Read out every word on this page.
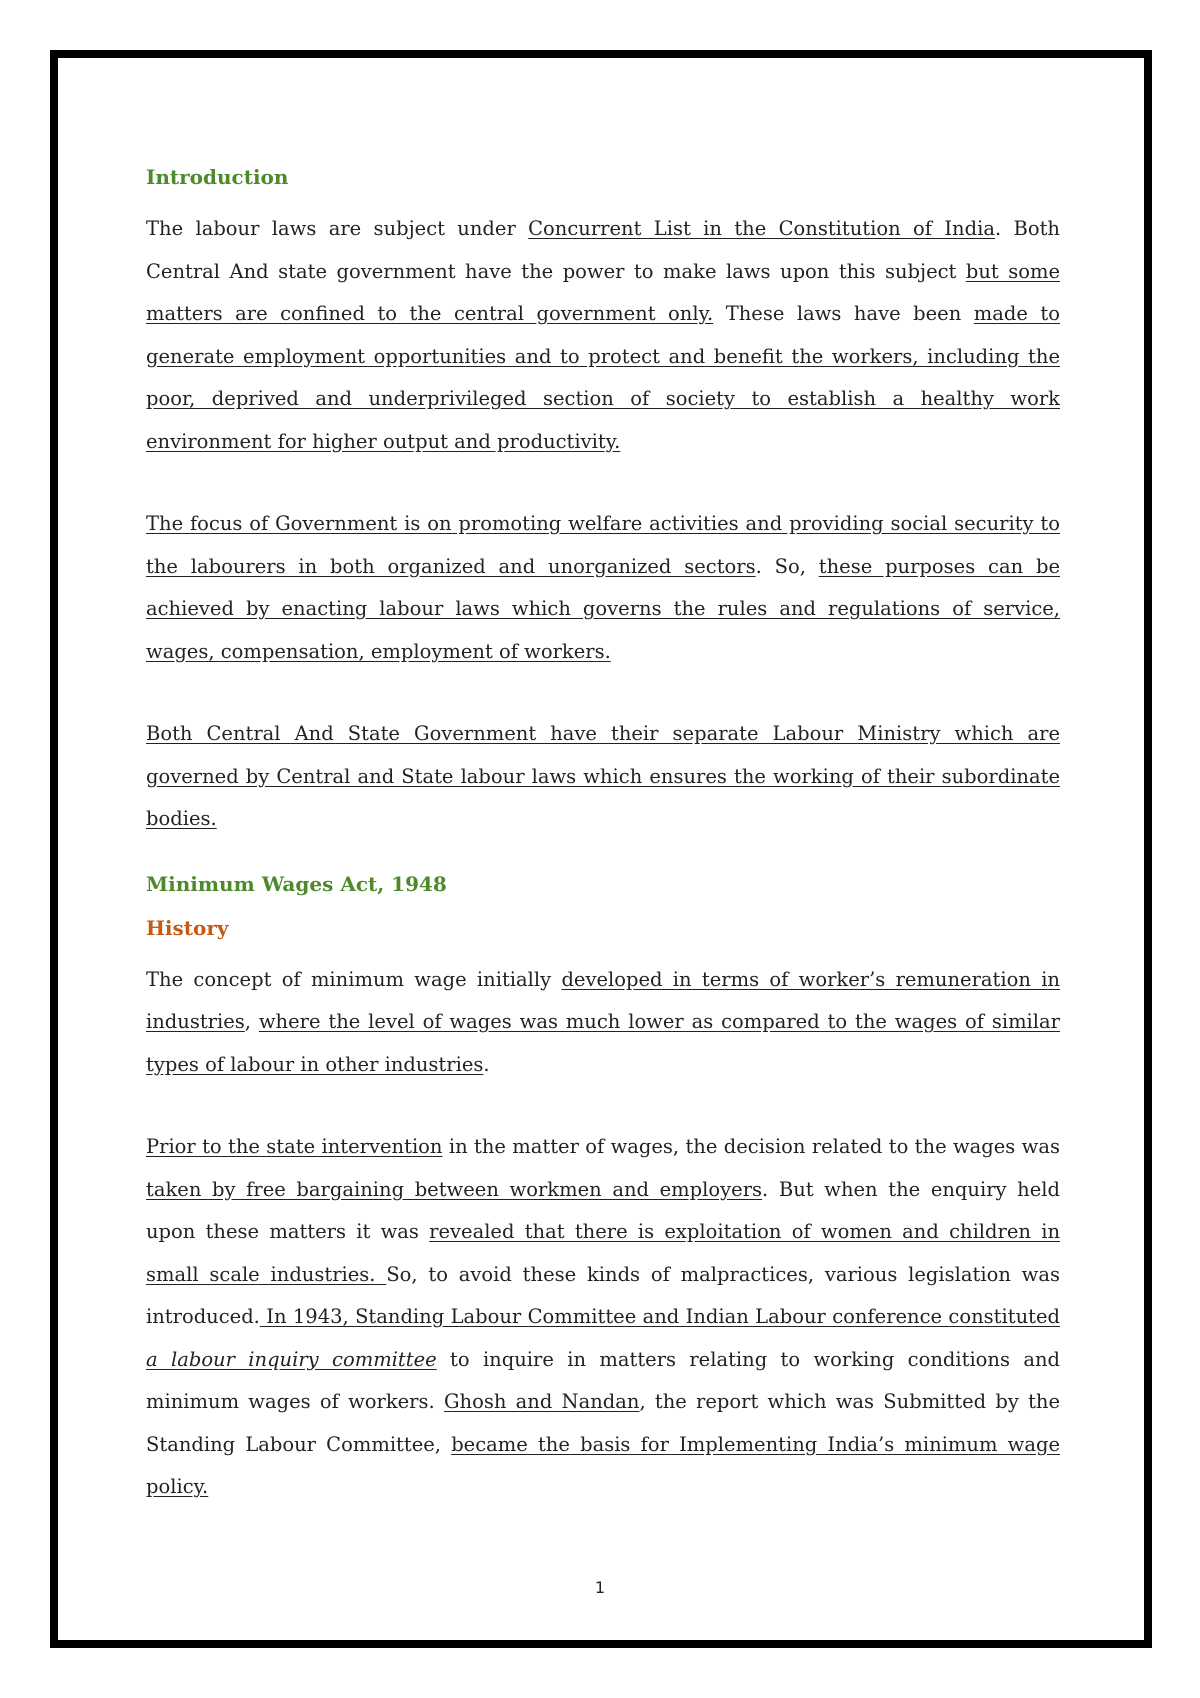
Introduction

The labour laws are subject under Concurrent List in the Constitution of India. Both Central And state government have the power to make laws upon this subject but some matters are confined to the central government only. These laws have been made to generate employment opportunities and to protect and benefit the workers, including the poor, deprived and underprivileged section of society to establish a healthy work environment for higher output and productivity.

The focus of Government is on promoting welfare activities and providing social security to the labourers in both organized and unorganized sectors. So, these purposes can be achieved by enacting labour laws which governs the rules and regulations of service, wages, compensation, employment of workers.

Both Central And State Government have their separate Labour Ministry which are governed by Central and State labour laws which ensures the working of their subordinate bodies.

Minimum Wages Act, 1948
History

The concept of minimum wage initially developed in terms of worker’s remuneration in industries, where the level of wages was much lower as compared to the wages of similar types of labour in other industries.

Prior to the state intervention in the matter of wages, the decision related to the wages was taken by free bargaining between workmen and employers. But when the enquiry held upon these matters it was revealed that there is exploitation of women and children in small scale industries. So, to avoid these kinds of malpractices, various legislation was introduced. In 1943, Standing Labour Committee and Indian Labour conference constituted a labour inquiry committee to inquire in matters relating to working conditions and minimum wages of workers. Ghosh and Nandan, the report which was Submitted by the Standing Labour Committee, became the basis for Implementing India’s minimum wage policy.

1
